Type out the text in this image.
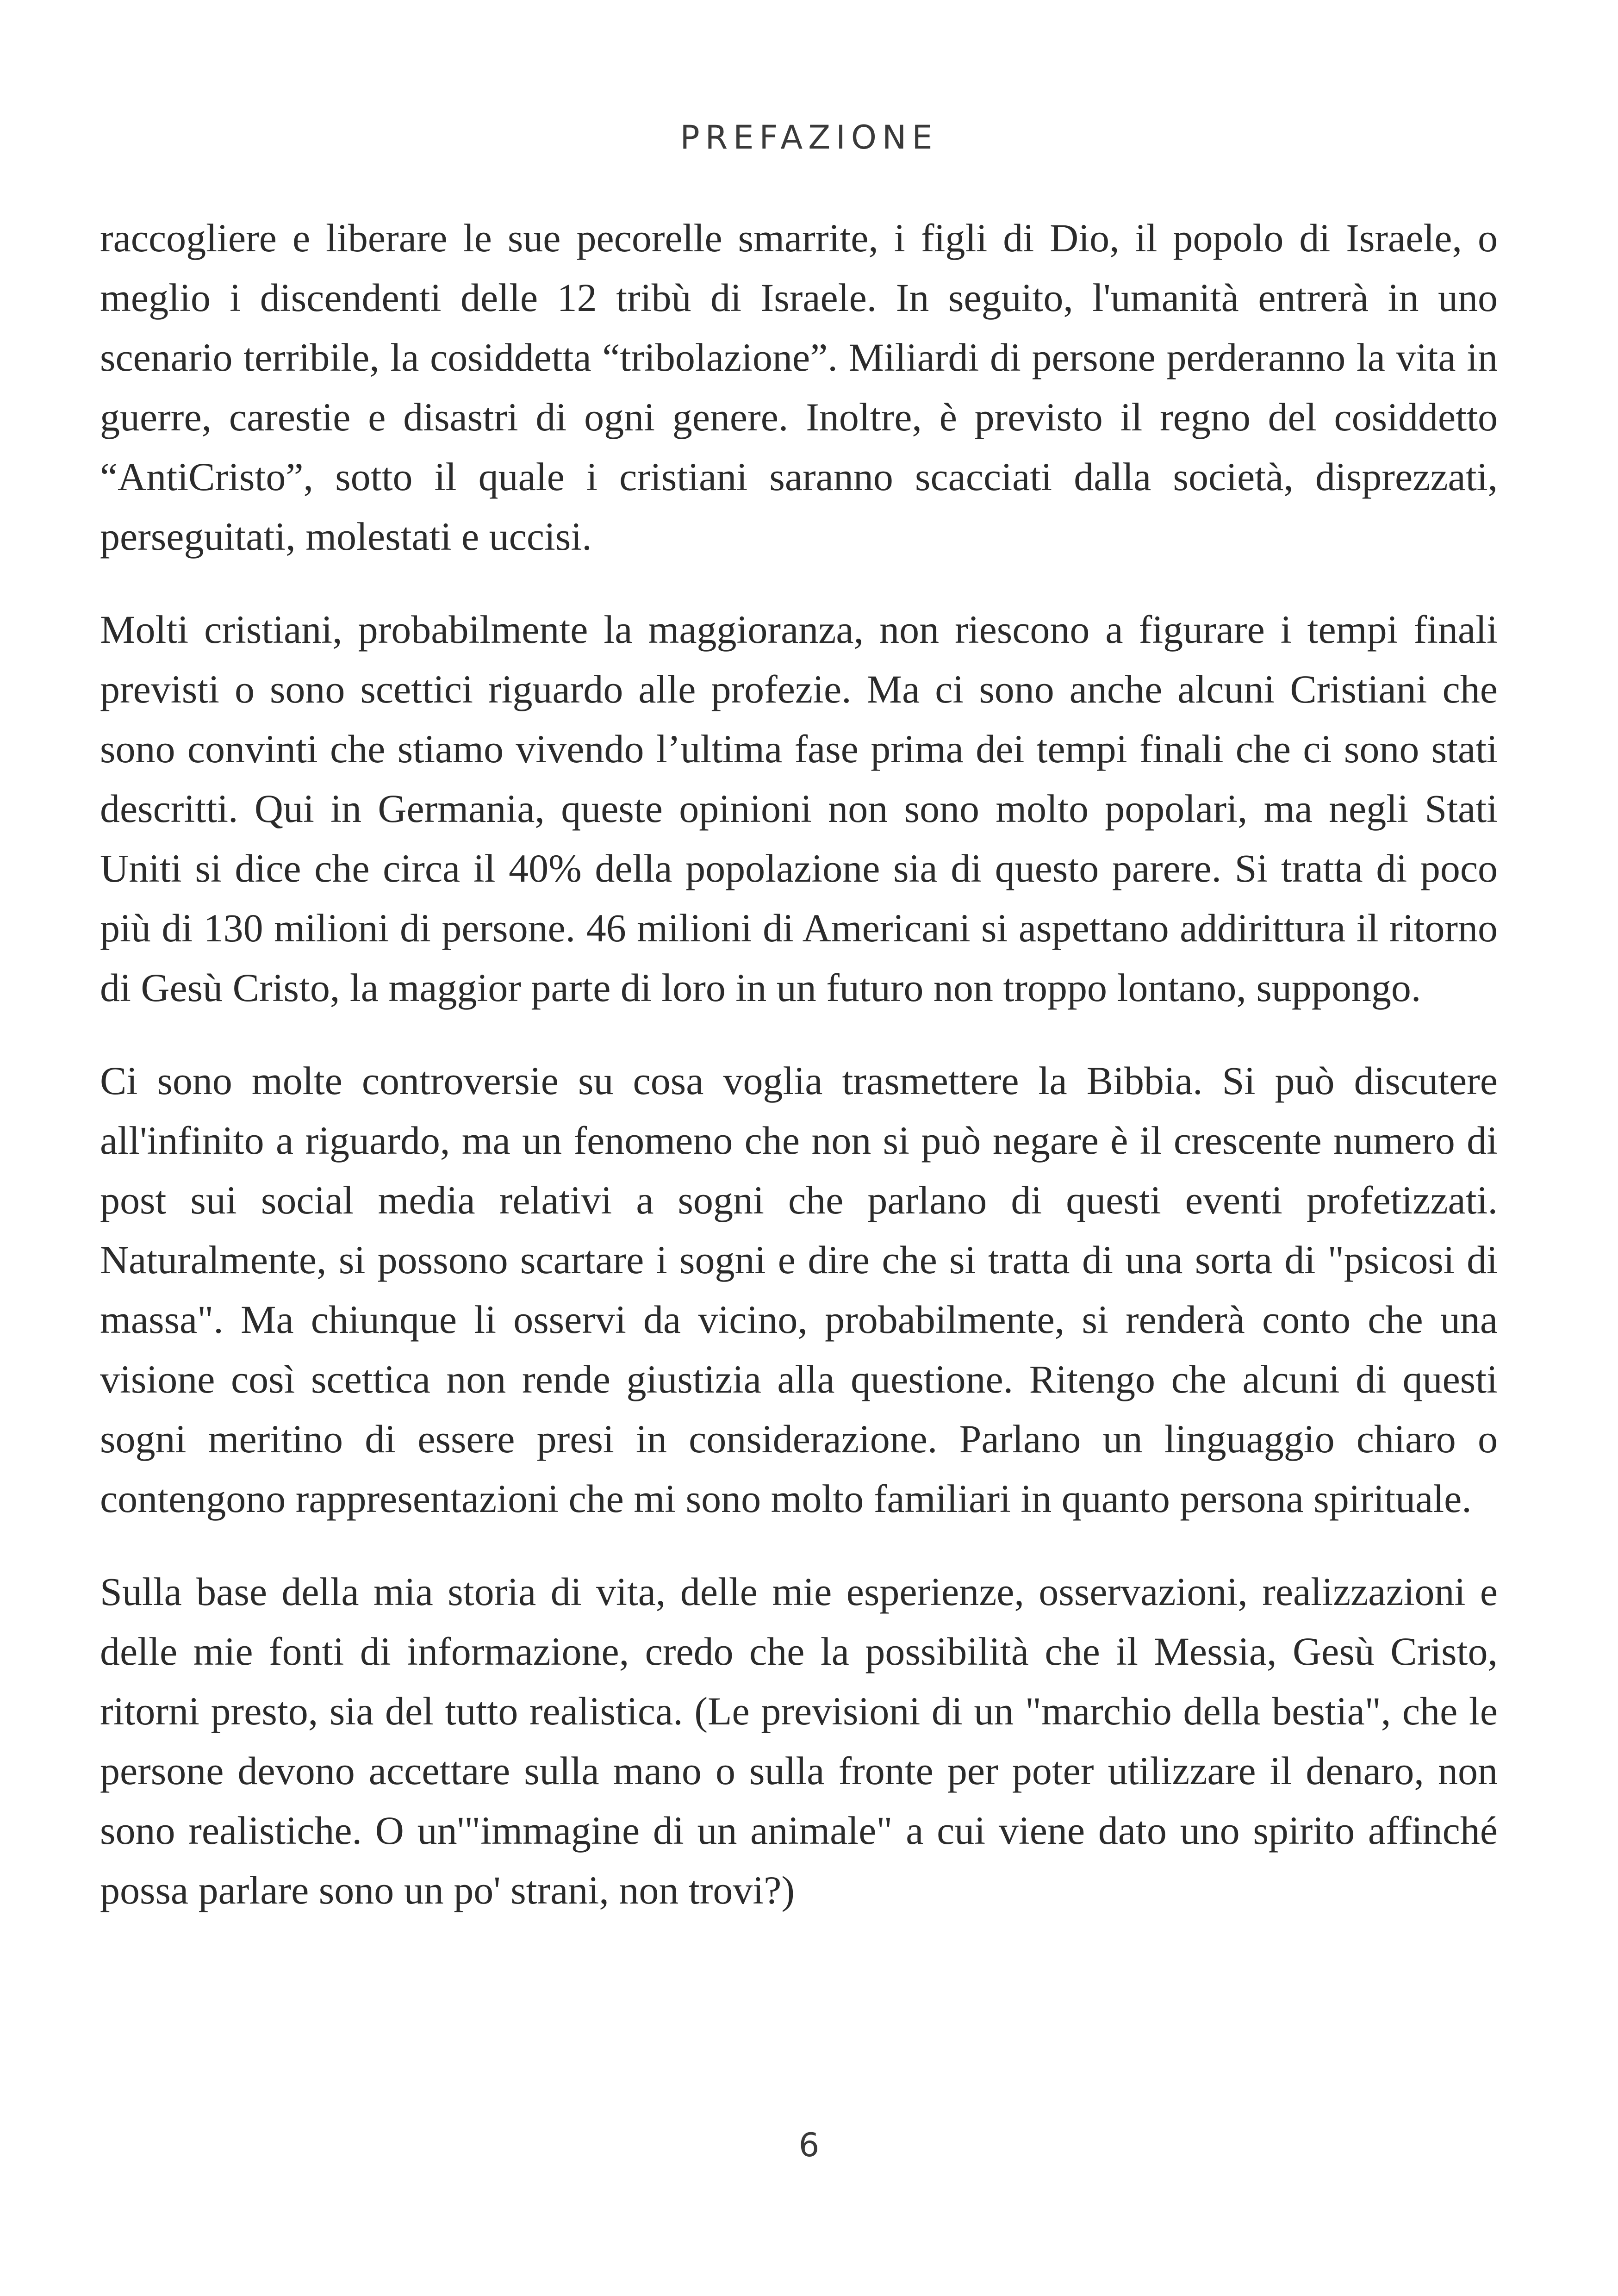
PREFAZIONE

raccogliere e liberare le sue pecorelle smarrite, i figli di Dio, il popolo di Israele, o meglio i discendenti delle 12 tribù di Israele. In seguito, l'umanità entrerà in uno scenario terribile, la cosiddetta “tribolazione”. Miliardi di persone perderanno la vita in guerre, carestie e disastri di ogni genere. Inoltre, è previsto il regno del cosiddetto “AntiCristo”, sotto il quale i cristiani saranno scacciati dalla società, disprezzati, perseguitati, molestati e uccisi.

Molti cristiani, probabilmente la maggioranza, non riescono a figurare i tempi finali previsti o sono scettici riguardo alle profezie. Ma ci sono anche alcuni Cristiani che sono convinti che stiamo vivendo l’ultima fase prima dei tempi finali che ci sono stati descritti. Qui in Germania, queste opinioni non sono molto popolari, ma negli Stati Uniti si dice che circa il 40% della popolazione sia di questo parere. Si tratta di poco più di 130 milioni di persone. 46 milioni di Americani si aspettano addirittura il ritorno di Gesù Cristo, la maggior parte di loro in un futuro non troppo lontano, suppongo.

Ci sono molte controversie su cosa voglia trasmettere la Bibbia. Si può discutere all'infinito a riguardo, ma un fenomeno che non si può negare è il crescente numero di post sui social media relativi a sogni che parlano di questi eventi profetizzati. Naturalmente, si possono scartare i sogni e dire che si tratta di una sorta di "psicosi di massa". Ma chiunque li osservi da vicino, probabilmente, si renderà conto che una visione così scettica non rende giustizia alla questione. Ritengo che alcuni di questi sogni meritino di essere presi in considerazione. Parlano un linguaggio chiaro o contengono rappresentazioni che mi sono molto familiari in quanto persona spirituale.

Sulla base della mia storia di vita, delle mie esperienze, osservazioni, realizzazioni e delle mie fonti di informazione, credo che la possibilità che il Messia, Gesù Cristo, ritorni presto, sia del tutto realistica. (Le previsioni di un "marchio della bestia", che le persone devono accettare sulla mano o sulla fronte per poter utilizzare il denaro, non sono realistiche. O un'"immagine di un animale" a cui viene dato uno spirito affinché possa parlare sono un po' strani, non trovi?)

6
